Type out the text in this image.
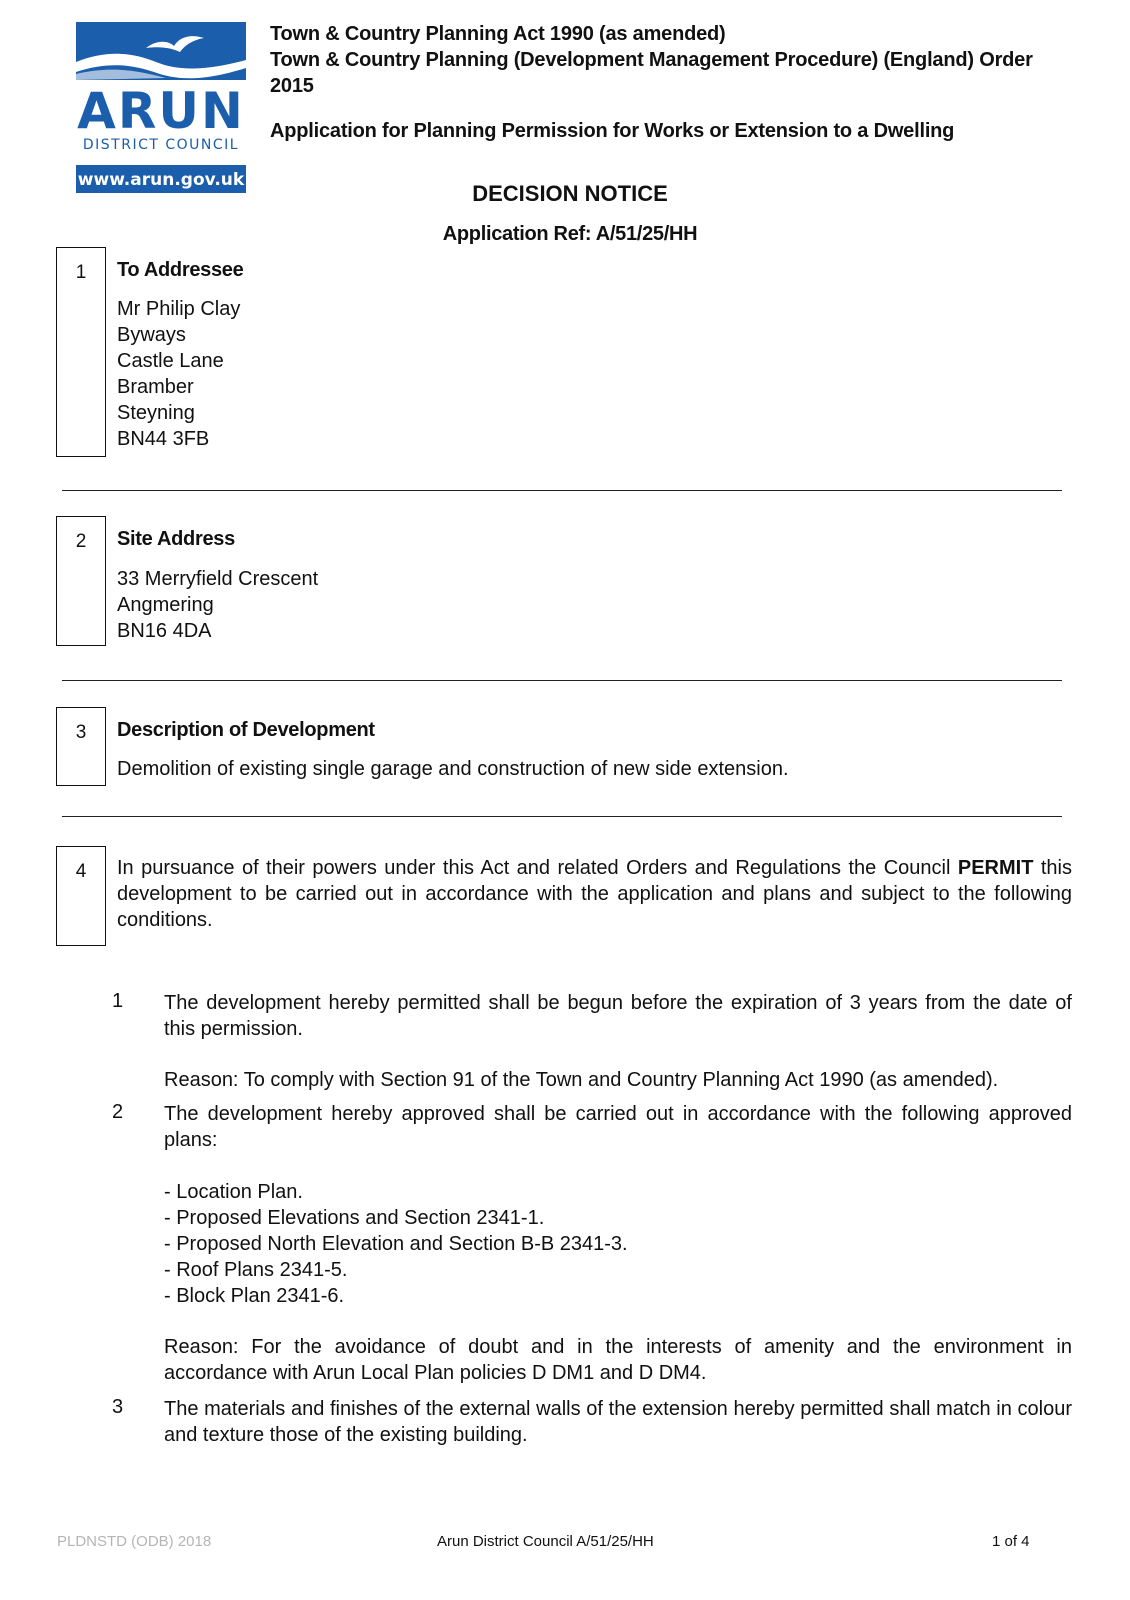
ARUN
DISTRICT COUNCIL
www.arun.gov.uk
Town & Country Planning Act 1990 (as amended)
Town & Country Planning (Development Management Procedure) (England) Order
2015
Application for Planning Permission for Works or Extension to a Dwelling
DECISION NOTICE
Application Ref: A/51/25/HH
1	To Addressee
Mr Philip Clay
Byways
Castle Lane
Bramber
Steyning
BN44 3FB
2	Site Address
33 Merryfield Crescent
Angmering
BN16 4DA
3	Description of Development
Demolition of existing single garage and construction of new side extension.
4	In pursuance of their powers under this Act and related Orders and Regulations the Council PERMIT this development to be carried out in accordance with the application and plans and subject to the following conditions.
1	The development hereby permitted shall be begun before the expiration of 3 years from the date of this permission.
Reason: To comply with Section 91 of the Town and Country Planning Act 1990 (as amended).
2	The development hereby approved shall be carried out in accordance with the following approved plans:
- Location Plan.
- Proposed Elevations and Section 2341-1.
- Proposed North Elevation and Section B-B 2341-3.
- Roof Plans 2341-5.
- Block Plan 2341-6.
Reason: For the avoidance of doubt and in the interests of amenity and the environment in accordance with Arun Local Plan policies D DM1 and D DM4.
3	The materials and finishes of the external walls of the extension hereby permitted shall match in colour and texture those of the existing building.
PLDNSTD (ODB) 2018	Arun District Council A/51/25/HH	1 of 4
